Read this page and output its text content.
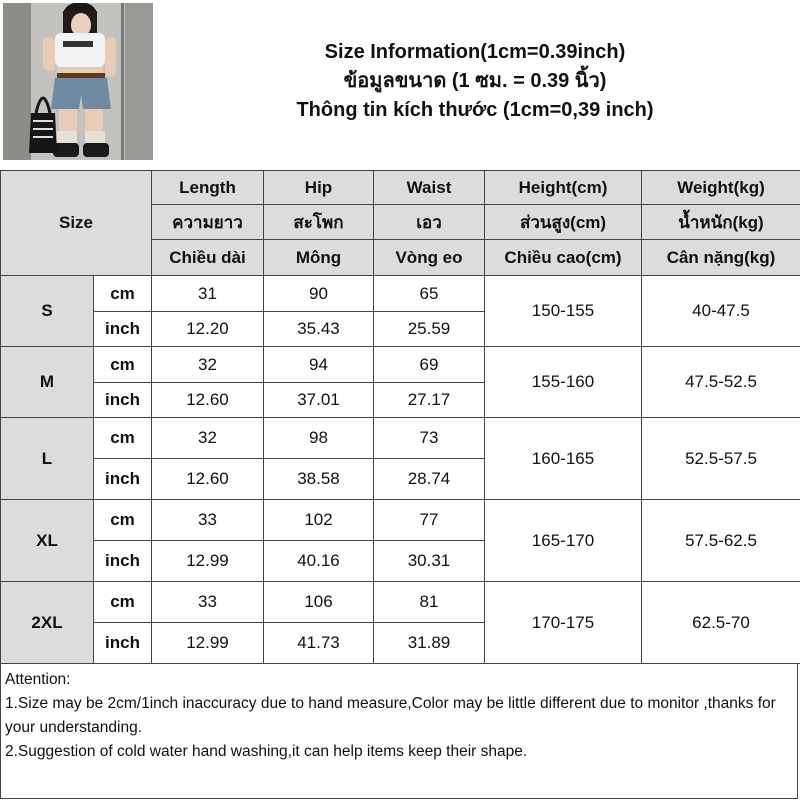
Size Information(1cm=0.39inch)
ข้อมูลขนาด (1 ซม. = 0.39 นิ้ว)
Thông tin kích thước (1cm=0,39 inch)
Size		Length	Hip	Waist	Height(cm)	Weight(kg)
		ความยาว	สะโพก	เอว	ส่วนสูง(cm)	น้ำหนัก(kg)
		Chiều dài	Mông	Vòng eo	Chiều cao(cm)	Cân nặng(kg)
S	cm	31	90	65	150-155	40-47.5
	inch	12.20	35.43	25.59		
M	cm	32	94	69	155-160	47.5-52.5
	inch	12.60	37.01	27.17		
L	cm	32	98	73	160-165	52.5-57.5
	inch	12.60	38.58	28.74		
XL	cm	33	102	77	165-170	57.5-62.5
	inch	12.99	40.16	30.31		
2XL	cm	33	106	81	170-175	62.5-70
	inch	12.99	41.73	31.89		
Attention:
1.Size may be 2cm/1inch inaccuracy due to hand measure,Color may be little different due to monitor ,thanks for your understanding.
2.Suggestion of cold water hand washing,it can help items keep their shape.
